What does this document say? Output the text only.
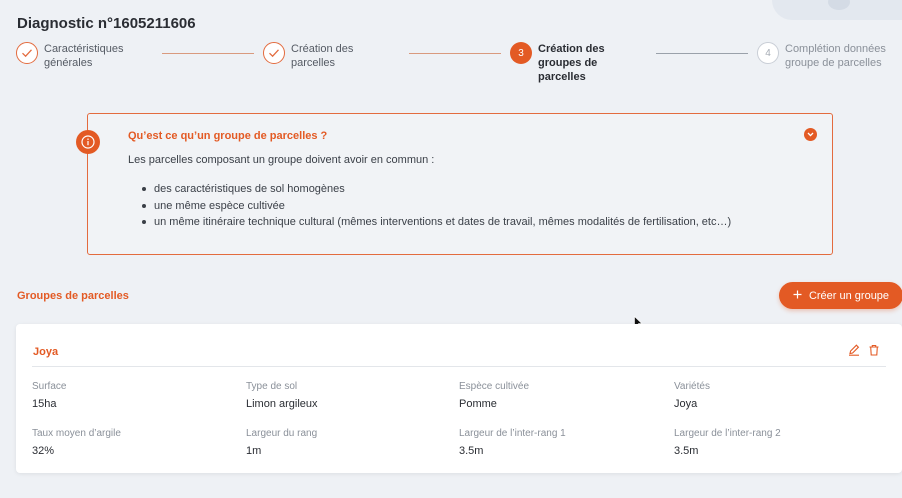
Diagnostic n°1605211606
Caractéristiques
générales
Création des
parcelles
3	Création des
groupes de
parcelles
4	Complétion données
groupe de parcelles
Qu’est ce qu’un groupe de parcelles ?
Les parcelles composant un groupe doivent avoir en commun :
des caractéristiques de sol homogènes
une même espèce cultivée
un même itinéraire technique cultural (mêmes interventions et dates de travail, mêmes modalités de fertilisation, etc…)
Groupes de parcelles	Créer un groupe
Joya
Surface
15ha
Type de sol
Limon argileux
Espèce cultivée
Pomme
Variétés
Joya
Taux moyen d’argile
32%
Largeur du rang
1m
Largeur de l’inter-rang 1
3.5m
Largeur de l’inter-rang 2
3.5m
